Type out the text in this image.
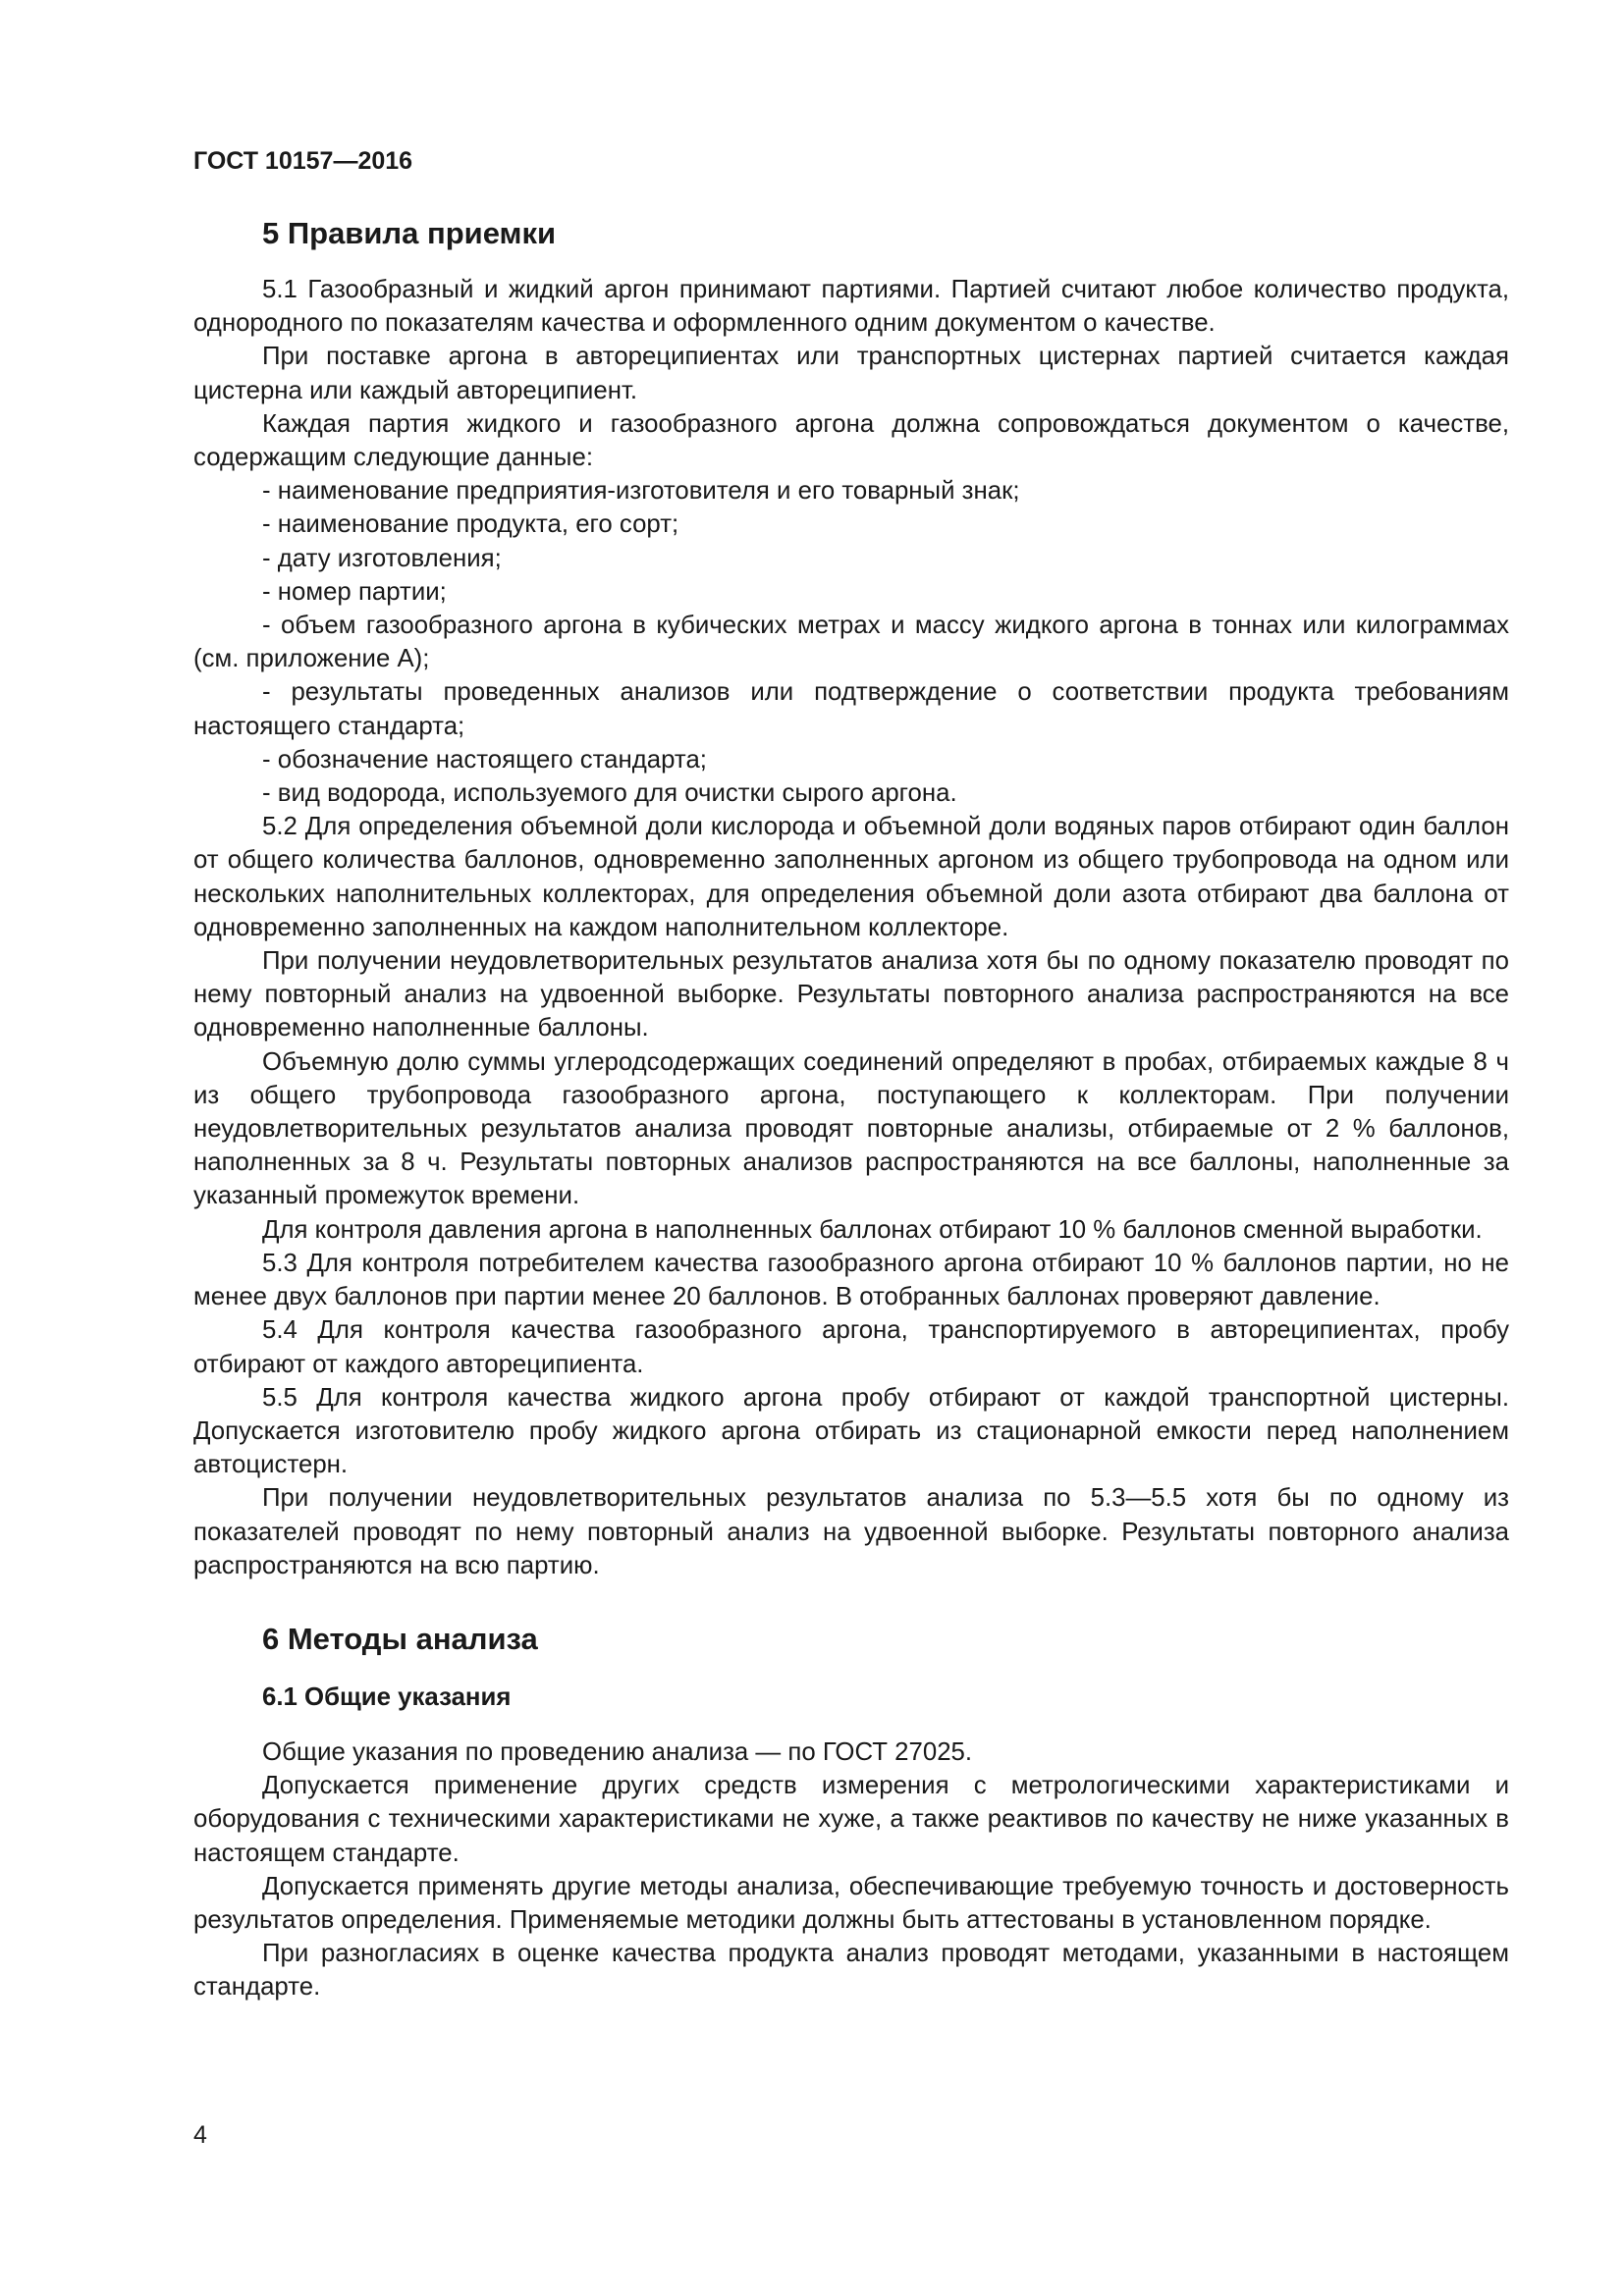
ГОСТ 10157—2016
5 Правила приемки

5.1 Газообразный и жидкий аргон принимают партиями. Партией считают любое количество продукта, однородного по показателям качества и оформленного одним документом о качестве.

При поставке аргона в автореципиентах или транспортных цистернах партией считается каждая цистерна или каждый автореципиент.

Каждая партия жидкого и газообразного аргона должна сопровождаться документом о качестве, содержащим следующие данные:

- наименование предприятия-изготовителя и его товарный знак;

- наименование продукта, его сорт;

- дату изготовления;

- номер партии;

- объем газообразного аргона в кубических метрах и массу жидкого аргона в тоннах или килограммах (см. приложение А);

- результаты проведенных анализов или подтверждение о соответствии продукта требованиям настоящего стандарта;

- обозначение настоящего стандарта;

- вид водорода, используемого для очистки сырого аргона.

5.2 Для определения объемной доли кислорода и объемной доли водяных паров отбирают один баллон от общего количества баллонов, одновременно заполненных аргоном из общего трубопровода на одном или нескольких наполнительных коллекторах, для определения объемной доли азота отбирают два баллона от одновременно заполненных на каждом наполнительном коллекторе.

При получении неудовлетворительных результатов анализа хотя бы по одному показателю проводят по нему повторный анализ на удвоенной выборке. Результаты повторного анализа распространяются на все одновременно наполненные баллоны.

Объемную долю суммы углеродсодержащих соединений определяют в пробах, отбираемых каждые 8 ч из общего трубопровода газообразного аргона, поступающего к коллекторам. При получении неудовлетворительных результатов анализа проводят повторные анализы, отбираемые от 2 % баллонов, наполненных за 8 ч. Результаты повторных анализов распространяются на все баллоны, наполненные за указанный промежуток времени.

Для контроля давления аргона в наполненных баллонах отбирают 10 % баллонов сменной выработки.

5.3 Для контроля потребителем качества газообразного аргона отбирают 10 % баллонов партии, но не менее двух баллонов при партии менее 20 баллонов. В отобранных баллонах проверяют давление.

5.4 Для контроля качества газообразного аргона, транспортируемого в автореципиентах, пробу отбирают от каждого автореципиента.

5.5 Для контроля качества жидкого аргона пробу отбирают от каждой транспортной цистерны. Допускается изготовителю пробу жидкого аргона отбирать из стационарной емкости перед наполнением автоцистерн.

При получении неудовлетворительных результатов анализа по 5.3—5.5 хотя бы по одному из показателей проводят по нему повторный анализ на удвоенной выборке. Результаты повторного анализа распространяются на всю партию.

6 Методы анализа
6.1 Общие указания

Общие указания по проведению анализа — по ГОСТ 27025.

Допускается применение других средств измерения с метрологическими характеристиками и оборудования с техническими характеристиками не хуже, а также реактивов по качеству не ниже указанных в настоящем стандарте.

Допускается применять другие методы анализа, обеспечивающие требуемую точность и достоверность результатов определения. Применяемые методики должны быть аттестованы в установленном порядке.

При разногласиях в оценке качества продукта анализ проводят методами, указанными в настоящем стандарте.

4
